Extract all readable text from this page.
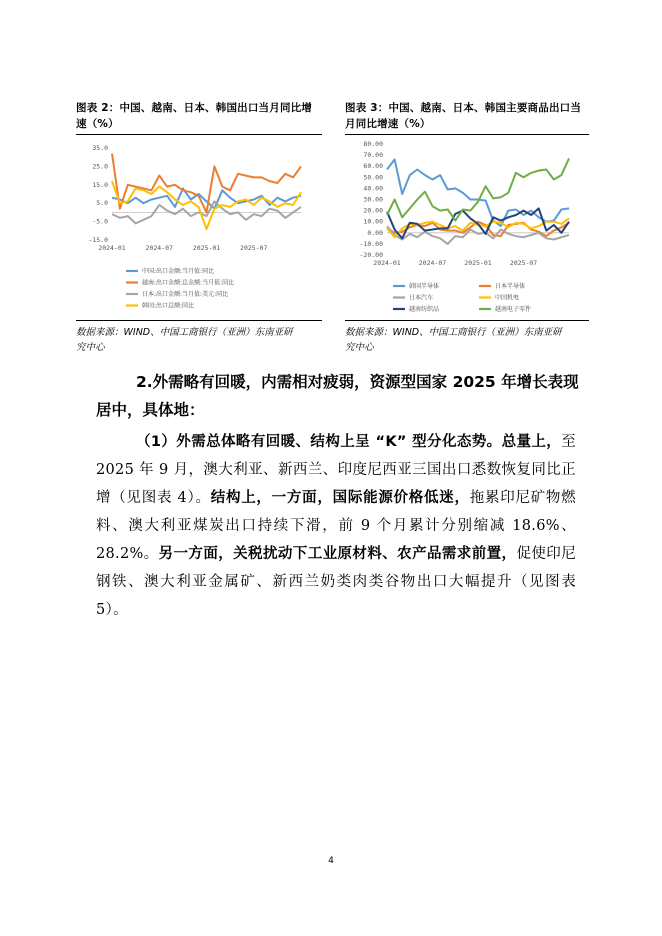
图表 2：中国、越南、日本、韩国出口当月同比增
速（%）
35.0
25.0
15.0
5.0
-5.0
-15.0
2024-01	2024-07	2025-01	2025-07
中国:出口金额:当月值:同比
越南:出口金额:总金额:当月值:同比
日本:出口金额:当月值:美元:同比
韩国:出口总额:同比
数据来源：WIND、中国工商银行（亚洲）东南亚研
究中心
图表 3：中国、越南、日本、韩国主要商品出口当
月同比增速（%）
80.00
70.00
60.00
50.00
40.00
30.00
20.00
10.00
0.00
-10.00
-20.00
2024-01	2024-07	2025-01	2025-07
韩国半导体	日本半导体
日本汽车	中国机电
越南纺织品	越南电子零件
数据来源：WIND、中国工商银行（亚洲）东南亚研
究中心
2.外需略有回暖，内需相对疲弱，资源型国家 2025 年增长表现居中，具体地：
（1）外需总体略有回暖、结构上呈 “K” 型分化态势。总量上，至 2025 年 9 月，澳大利亚、新西兰、印度尼西亚三国出口悉数恢复同比正增（见图表 4）。结构上，一方面，国际能源价格低迷，拖累印尼矿物燃料、澳大利亚煤炭出口持续下滑，前 9 个月累计分别缩减 18.6%、28.2%。另一方面，关税扰动下工业原材料、农产品需求前置，促使印尼钢铁、澳大利亚金属矿、新西兰奶类肉类谷物出口大幅提升（见图表 5）。
4
